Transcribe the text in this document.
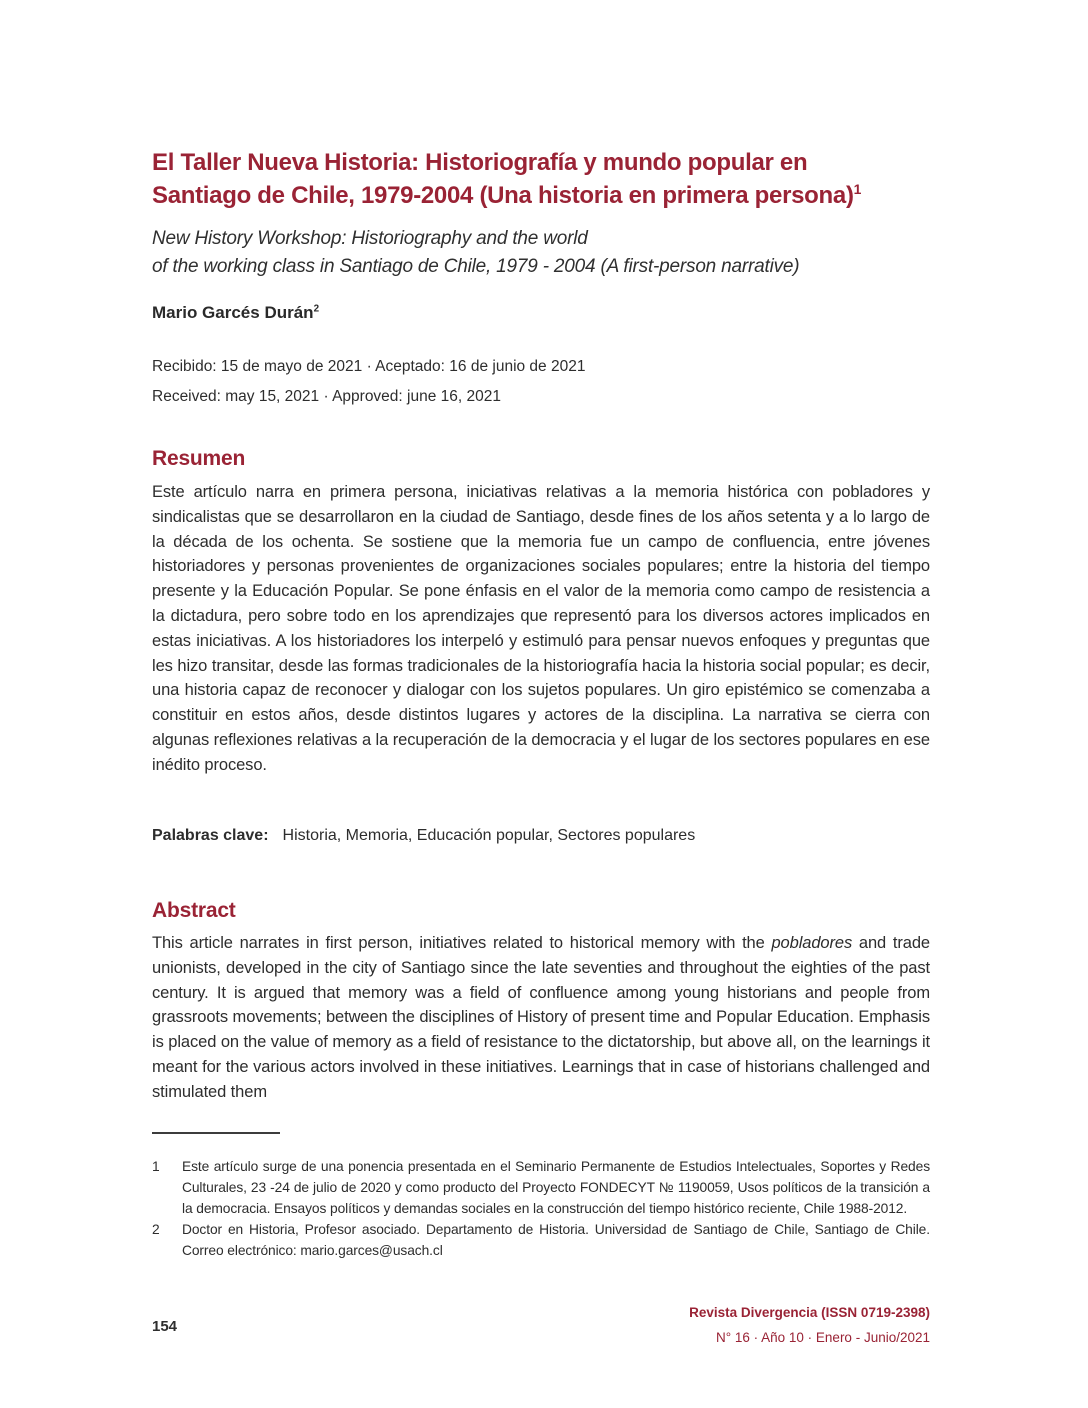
El Taller Nueva Historia: Historiografía y mundo popular en
Santiago de Chile, 1979-2004 (Una historia en primera persona)$^1$
New History Workshop: Historiography and the world
of the working class in Santiago de Chile, 1979 - 2004 (A first-person narrative)
Mario Garcés Durán$^2$
Recibido: 15 de mayo de 2021 · Aceptado: 16 de junio de 2021
Received: may 15, 2021 · Approved: june 16, 2021
Resumen

Este artículo narra en primera persona, iniciativas relativas a la memoria histórica con pobladores y sindicalistas que se desarrollaron en la ciudad de Santiago, desde fines de los años setenta y a lo largo de la década de los ochenta. Se sostiene que la memoria fue un campo de confluencia, entre jóvenes historiadores y personas provenientes de organizaciones sociales populares; entre la historia del tiempo presente y la Educación Popular. Se pone énfasis en el valor de la memoria como campo de resistencia a la dictadura, pero sobre todo en los aprendizajes que representó para los diversos actores implicados en estas iniciativas. A los historiadores los interpeló y estimuló para pensar nuevos enfoques y preguntas que les hizo transitar, desde las formas tradicionales de la historiografía hacia la historia social popular; es decir, una historia capaz de reconocer y dialogar con los sujetos populares. Un giro epistémico se comenzaba a constituir en estos años, desde distintos lugares y actores de la disciplina. La narrativa se cierra con algunas reflexiones relativas a la recuperación de la democracia y el lugar de los sectores populares en ese inédito proceso.

Palabras clave: Historia, Memoria, Educación popular, Sectores populares
Abstract

This article narrates in first person, initiatives related to historical memory with the pobladores and trade unionists, developed in the city of Santiago since the late seventies and throughout the eighties of the past century. It is argued that memory was a field of confluence among young historians and people from grassroots movements; between the disciplines of History of present time and Popular Education. Emphasis is placed on the value of memory as a field of resistance to the dictatorship, but above all, on the learnings it meant for the various actors involved in these initiatives. Learnings that in case of historians challenged and stimulated them

1	Este artículo surge de una ponencia presentada en el Seminario Permanente de Estudios Intelectuales, Soportes y Redes Culturales, 23 -24 de julio de 2020 y como producto del Proyecto FONDECYT № 1190059, Usos políticos de la transición a la democracia. Ensayos políticos y demandas sociales en la construcción del tiempo histórico reciente, Chile 1988-2012.
2	Doctor en Historia, Profesor asociado. Departamento de Historia. Universidad de Santiago de Chile, Santiago de Chile. Correo electrónico: mario.garces@usach.cl
154
Revista Divergencia (ISSN 0719-2398)
N° 16 · Año 10 · Enero - Junio/2021
